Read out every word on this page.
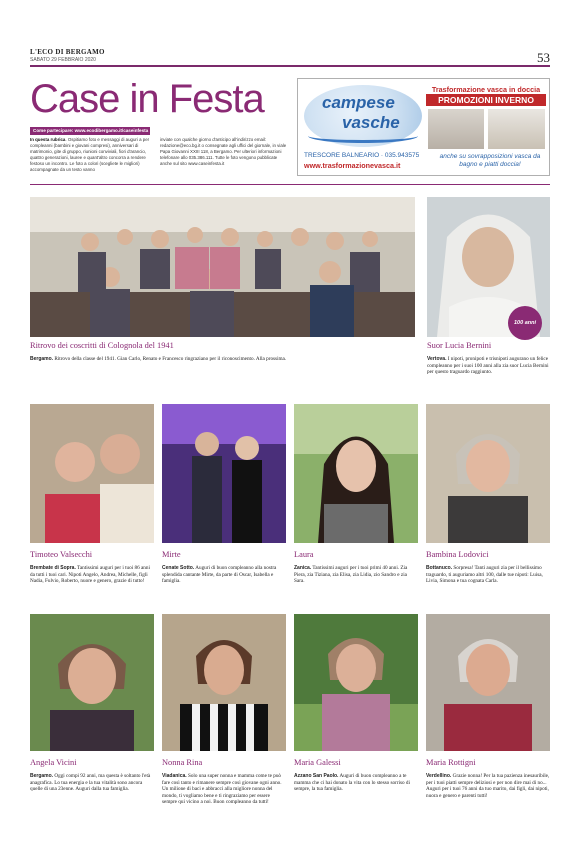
L'ECO DI BERGAMO
SABATO 29 FEBBRAIO 2020	53
Case in Festa
Come partecipare: www.ecodibergamo.it/caseinfesta
In questa rubrica. Ospitiamo foto e messaggi di auguri a per compleanni (bambini e giovani compresi), anniversari di matrimonio, gite di gruppo, riunioni conviviali, fiori d'arancio, quattro generazioni, lauree e quant'altro concorra a rendere festoso un incontro. Le foto a colori (scegliete le migliori) accompagnate da un testo vanno
inviate con qualche giorno d'anticipo all'indirizzo email: redazione@eco.bg.it o consegnate agli uffici del giornale, in viale Papa Giovanni XXIII 118, a Bergamo. Per ulteriori informazioni telefonare allo 035.386.111. Tutte le foto vengono pubblicate anche sul sito www.caseinfesta.it
campese
vasche
Trasformazione vasca in doccia
PROMOZIONI INVERNO
TRESCORE BALNEARIO · 035.943575
www.trasformazionevasca.it
anche su sovrapposizioni vasca da bagno e piatti doccia!
100 anni
Ritrovo dei coscritti di Colognola del 1941
Bergamo. Ritrovo della classe del 1941. Gian Carlo, Renato e Francesco ringraziano per il riconoscimento. Alla prossima.
Suor Lucia Bernini
Vertova. I nipoti, pronipoti e trisnipoti augurano un felice compleanno per i suoi 100 anni alla zia suor Lucia Bernini per questo traguardo raggiunto.
Timoteo Valsecchi
Brembate di Sopra. Tantissimi auguri per i tuoi 86 anni da tutti i tuoi cari. Nipoti Angelo, Andrea, Michelle, figli Nadia, Fulvio, Roberto, nuore e genero, grazie di tutto!
Mirte
Cenate Sotto. Auguri di buon compleanno alla nostra splendida cantante Mirte, da parte di Oscar, Isabella e famiglia.
Laura
Zanica. Tantissimi auguri per i tuoi primi 40 anni. Zia Piera, zia Tiziana, zia Elisa, zia Lidia, zio Sandro e zia Sara.
Bambina Lodovici
Bottanuco. Sorpresa! Tanti auguri zia per il bellissimo traguardo, ti auguriamo altri 100, dalle tue nipoti: Luisa, Livia, Simona e tua cognata Carla.
Angela Vicini
Bergamo. Oggi compi 92 anni, ma questa è soltanto l'età anagrafica. Lo tua energia e la tua vitalità sono ancora quelle di una 23enne. Auguri dalla tua famiglia.
Nonna Rina
Viadanica. Solo una super nonna e mamma come te può fare così tanto e rimanere sempre così giovane ogni anno. Un milione di baci e abbracci alla migliore nonna del mondo, ti vogliamo bene e ti ringraziamo per essere sempre qui vicino a noi. Buon compleanno da tutti!
Maria Galessi
Azzano San Paolo. Auguri di buon compleanno a te mamma che ci hai donato la vita con lo stesso sorriso di sempre, la tua famiglia.
Maria Rottigni
Verdellino. Grazie nonna! Per la tua pazienza inesauribile, per i tuoi piatti sempre deliziosi e per non dire mai di no... Auguri per i tuoi 76 anni da tuo marito, dai figli, dai nipoti, nuora e genero e parenti tutti!
